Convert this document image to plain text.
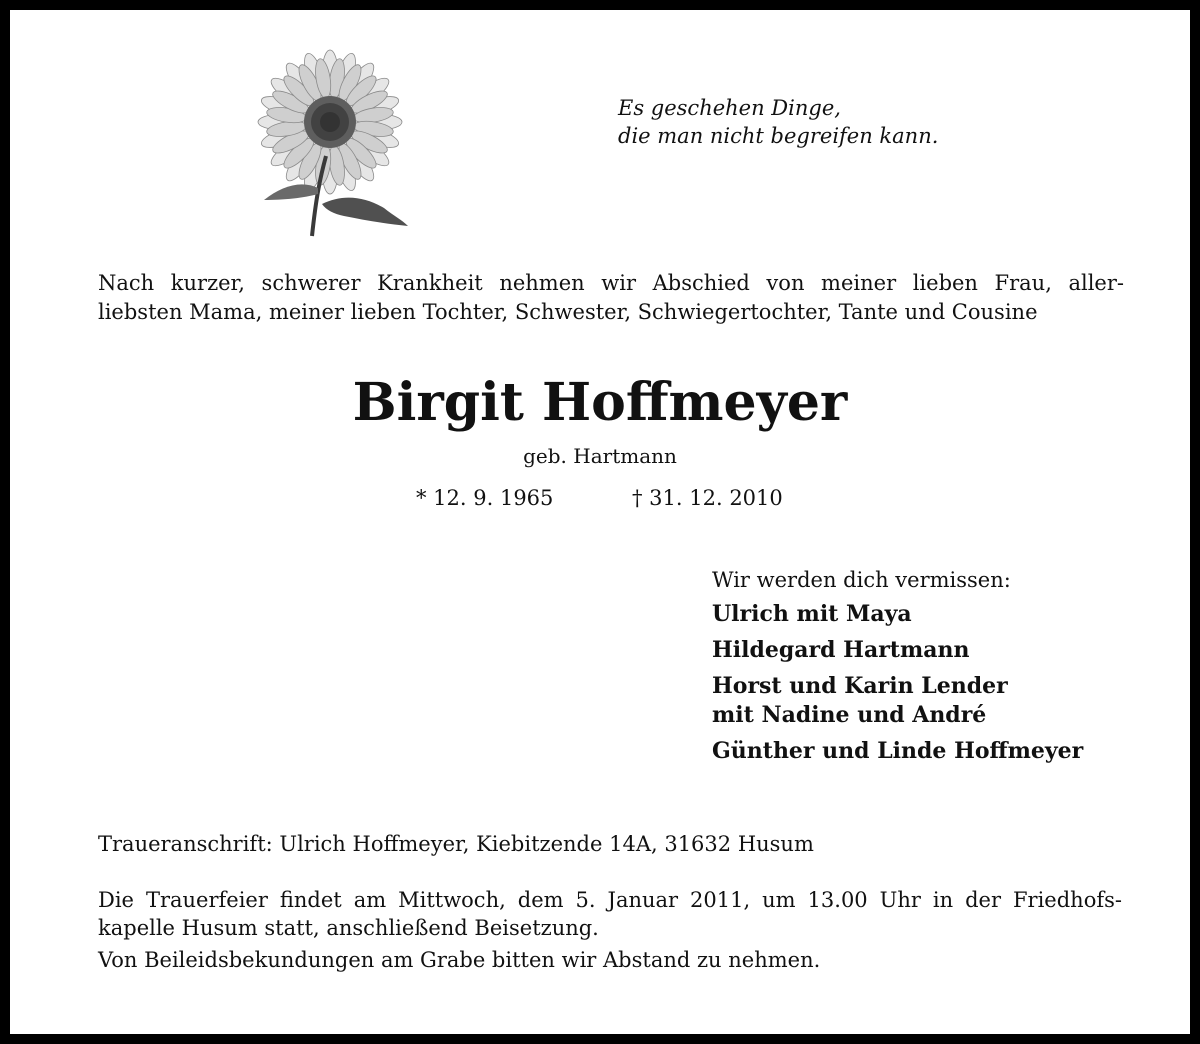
Es geschehen Dinge,
die man nicht begreifen kann.
Nach kurzer, schwerer Krankheit nehmen wir Abschied von meiner lieben Frau, aller-
liebsten Mama, meiner lieben Tochter, Schwester, Schwiegertochter, Tante und Cousine
Birgit Hoffmeyer
geb. Hartmann
* 12. 9. 1965	† 31. 12. 2010
Wir werden dich vermissen:
Ulrich mit Maya
Hildegard Hartmann
Horst und Karin Lender
mit Nadine und André
Günther und Linde Hoffmeyer
Traueranschrift: Ulrich Hoffmeyer, Kiebitzende 14A, 31632 Husum
Die Trauerfeier findet am Mittwoch, dem 5. Januar 2011, um 13.00 Uhr in der Friedhofs-
kapelle Husum statt, anschließend Beisetzung.
Von Beileidsbekundungen am Grabe bitten wir Abstand zu nehmen.
